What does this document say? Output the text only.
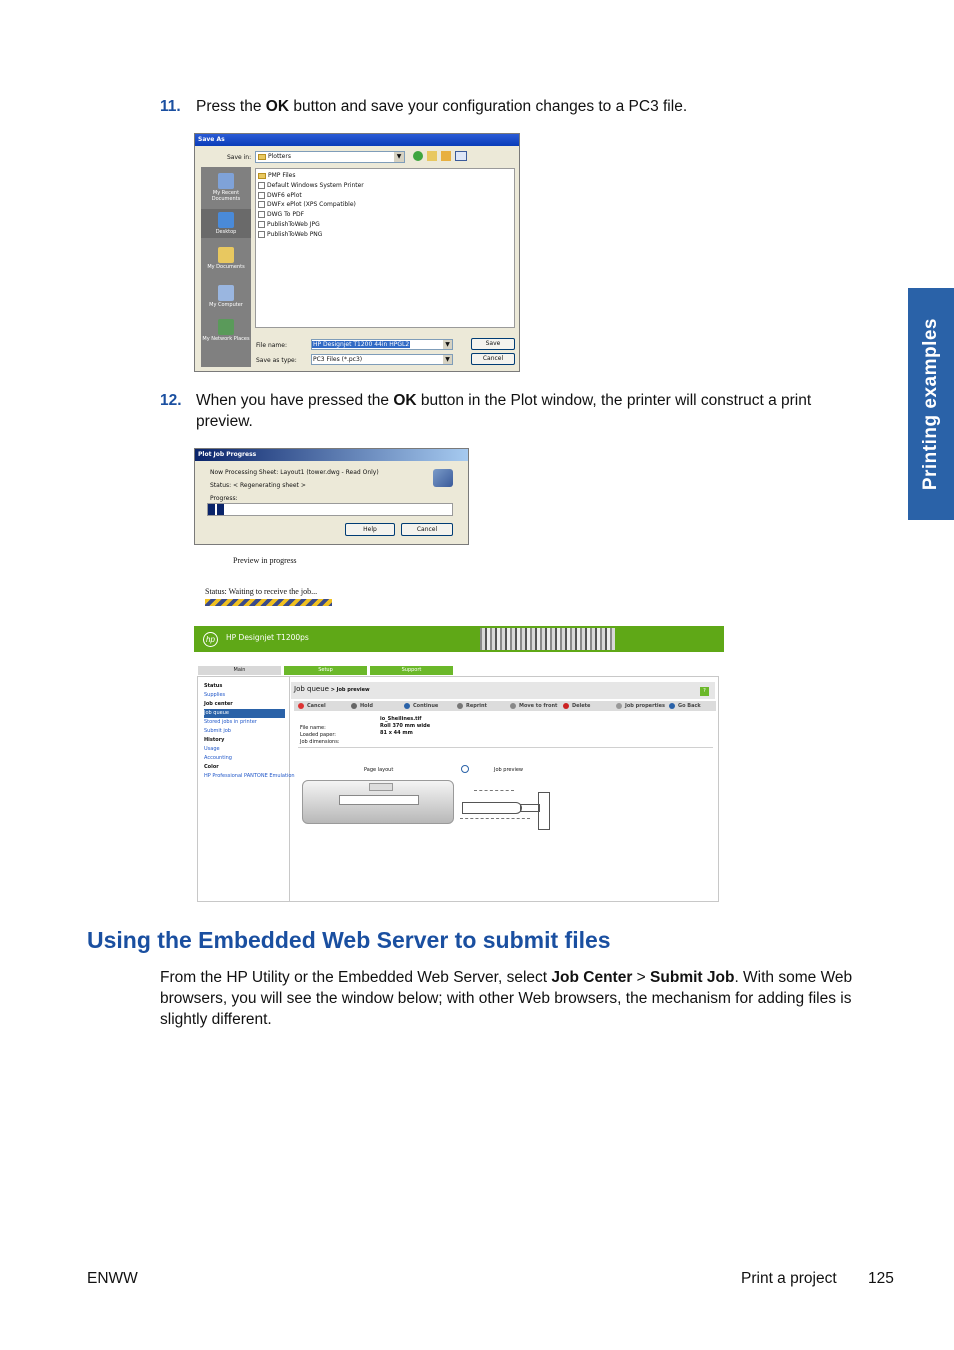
11. Press the OK button and save your configuration changes to a PC3 file.
Save As
Save in:	Plotters	▼
My Recent Documents
Desktop
My Documents
My Computer
My Network Places
PMP Files
Default Windows System Printer
DWF6 ePlot
DWFx ePlot (XPS Compatible)
DWG To PDF
PublishToWeb JPG
PublishToWeb PNG
File name:	HP Designjet T1200 44in HPGL2	▼
Save as type:	PC3 Files (*.pc3)	▼
Save
Cancel
12. When you have pressed the OK button in the Plot window, the printer will construct a print preview.
Plot Job Progress
Now Processing Sheet: Layout1 (tower.dwg - Read Only)
Status: < Regenerating sheet >
Progress:
Help	Cancel
Preview in progress
Status: Waiting to receive the job...
hp	HP Designjet T1200ps
Main	Setup	Support
Status
Supplies
Job center
Job queue
Stored jobs in printer
Submit job
History
Usage
Accounting
Color
HP Professional PANTONE Emulation
Job queue > Job preview	?
Cancel	Hold	Continue	Reprint	Move to front	Delete	Job properties	Go Back
File name:
io_Sheilines.tif
Loaded paper:
Roll 370 mm wide
Job dimensions:
81 x 44 mm
Page layout	Job preview
Using the Embedded Web Server to submit files
From the HP Utility or the Embedded Web Server, select Job Center > Submit Job. With some Web browsers, you will see the window below; with other Web browsers, the mechanism for adding files is slightly different.
Printing examples
ENWW	Print a project 125
